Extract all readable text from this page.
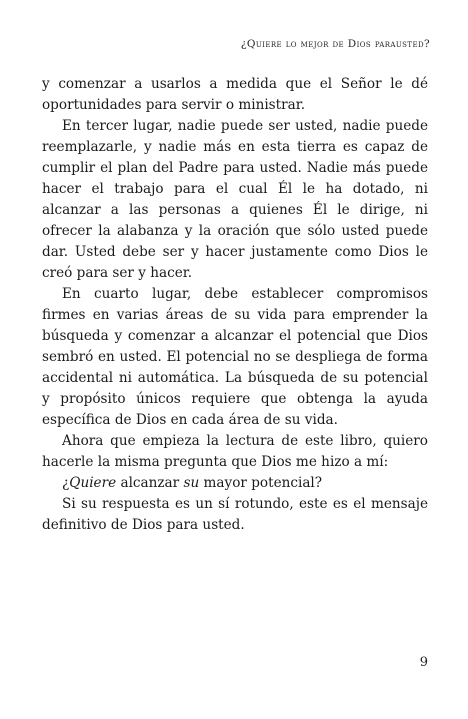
¿Quiere lo mejor de Dios parausted?

y comenzar a usarlos a medida que el Señor le dé oportunidades para servir o ministrar.

En tercer lugar, nadie puede ser usted, nadie puede reemplazarle, y nadie más en esta tierra es capaz de cumplir el plan del Padre para usted. Nadie más puede hacer el trabajo para el cual Él le ha dotado, ni alcanzar a las personas a quienes Él le dirige, ni ofrecer la alabanza y la oración que sólo usted puede dar. Usted debe ser y hacer justamente como Dios le creó para ser y hacer.

En cuarto lugar, debe establecer compromisos firmes en varias áreas de su vida para emprender la búsqueda y comenzar a alcanzar el potencial que Dios sembró en usted. El potencial no se despliega de forma accidental ni automática. La búsqueda de su potencial y propósito únicos requiere que obtenga la ayuda específica de Dios en cada área de su vida.

Ahora que empieza la lectura de este libro, quiero hacerle la misma pregunta que Dios me hizo a mí:

¿Quiere alcanzar su mayor potencial?

Si su respuesta es un sí rotundo, este es el mensaje definitivo de Dios para usted.

9
